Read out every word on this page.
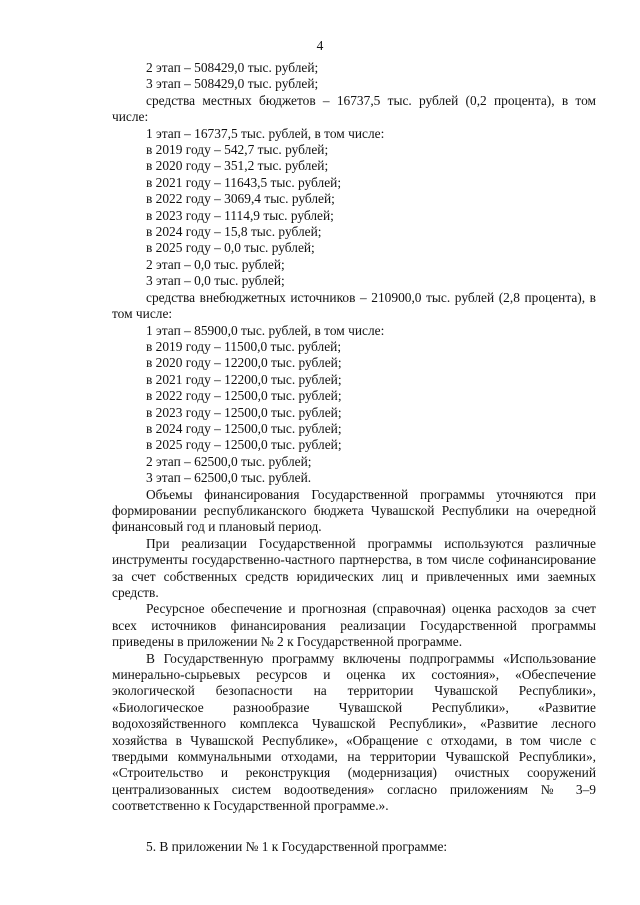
4
2 этап – 508429,0 тыс. рублей;
3 этап – 508429,0 тыс. рублей;
средства местных бюджетов – 16737,5 тыс. рублей (0,2 процента), в том числе:
1 этап – 16737,5 тыс. рублей, в том числе:
в 2019 году – 542,7 тыс. рублей;
в 2020 году – 351,2 тыс. рублей;
в 2021 году – 11643,5 тыс. рублей;
в 2022 году – 3069,4 тыс. рублей;
в 2023 году – 1114,9 тыс. рублей;
в 2024 году – 15,8 тыс. рублей;
в 2025 году – 0,0 тыс. рублей;
2 этап – 0,0 тыс. рублей;
3 этап – 0,0 тыс. рублей;
средства внебюджетных источников – 210900,0 тыс. рублей (2,8 процента), в том числе:
1 этап – 85900,0 тыс. рублей, в том числе:
в 2019 году – 11500,0 тыс. рублей;
в 2020 году – 12200,0 тыс. рублей;
в 2021 году – 12200,0 тыс. рублей;
в 2022 году – 12500,0 тыс. рублей;
в 2023 году – 12500,0 тыс. рублей;
в 2024 году – 12500,0 тыс. рублей;
в 2025 году – 12500,0 тыс. рублей;
2 этап – 62500,0 тыс. рублей;
3 этап – 62500,0 тыс. рублей.
Объемы финансирования Государственной программы уточняются при формировании республиканского бюджета Чувашской Республики на очередной финансовый год и плановый период.
При реализации Государственной программы используются различные инструменты государственно-частного партнерства, в том числе софинансирование за счет собственных средств юридических лиц и привлеченных ими заемных средств.
Ресурсное обеспечение и прогнозная (справочная) оценка расходов за счет всех источников финансирования реализации Государственной программы приведены в приложении № 2 к Государственной программе.
В Государственную программу включены подпрограммы «Использование минерально-сырьевых ресурсов и оценка их состояния», «Обеспечение экологической безопасности на территории Чувашской Республики», «Биологическое разнообразие Чувашской Республики», «Развитие водохозяйственного комплекса Чувашской Республики», «Развитие лесного хозяйства в Чувашской Республике», «Обращение с отходами, в том числе с твердыми коммунальными отходами, на территории Чувашской Республики», «Строительство и реконструкция (модернизация) очистных сооружений централизованных систем водоотведения» согласно приложениям № 3–9 соответственно к Государственной программе.».
5. В приложении № 1 к Государственной программе:
